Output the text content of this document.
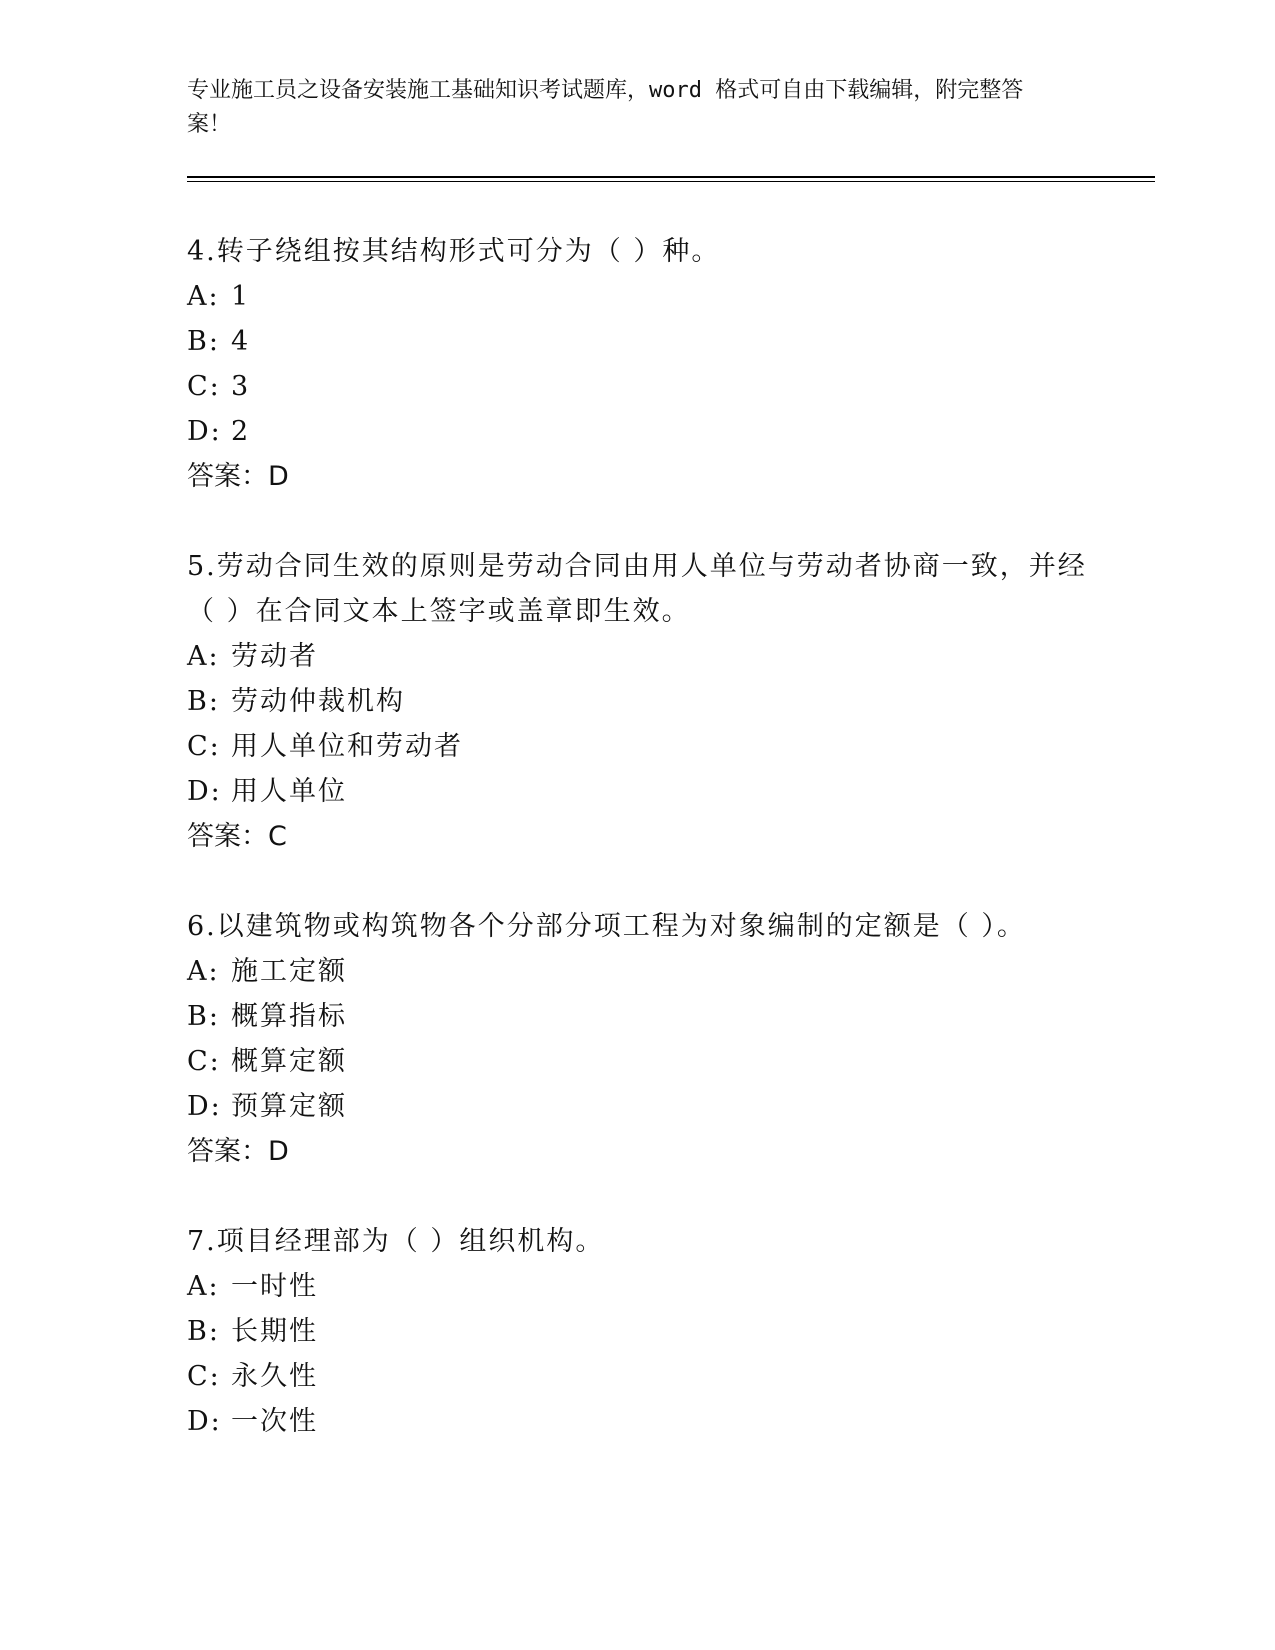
专业施工员之设备安装施工基础知识考试题库，word 格式可自由下载编辑，附完整答案！
4.转子绕组按其结构形式可分为（ ）种。
A: 1
B: 4
C: 3
D: 2
答案：D
5.劳动合同生效的原则是劳动合同由用人单位与劳动者协商一致，并经（ ）在合同文本上签字或盖章即生效。
A: 劳动者
B: 劳动仲裁机构
C: 用人单位和劳动者
D: 用人单位
答案：C
6.以建筑物或构筑物各个分部分项工程为对象编制的定额是（ ）。
A: 施工定额
B: 概算指标
C: 概算定额
D: 预算定额
答案：D
7.项目经理部为（ ）组织机构。
A: 一时性
B: 长期性
C: 永久性
D: 一次性
